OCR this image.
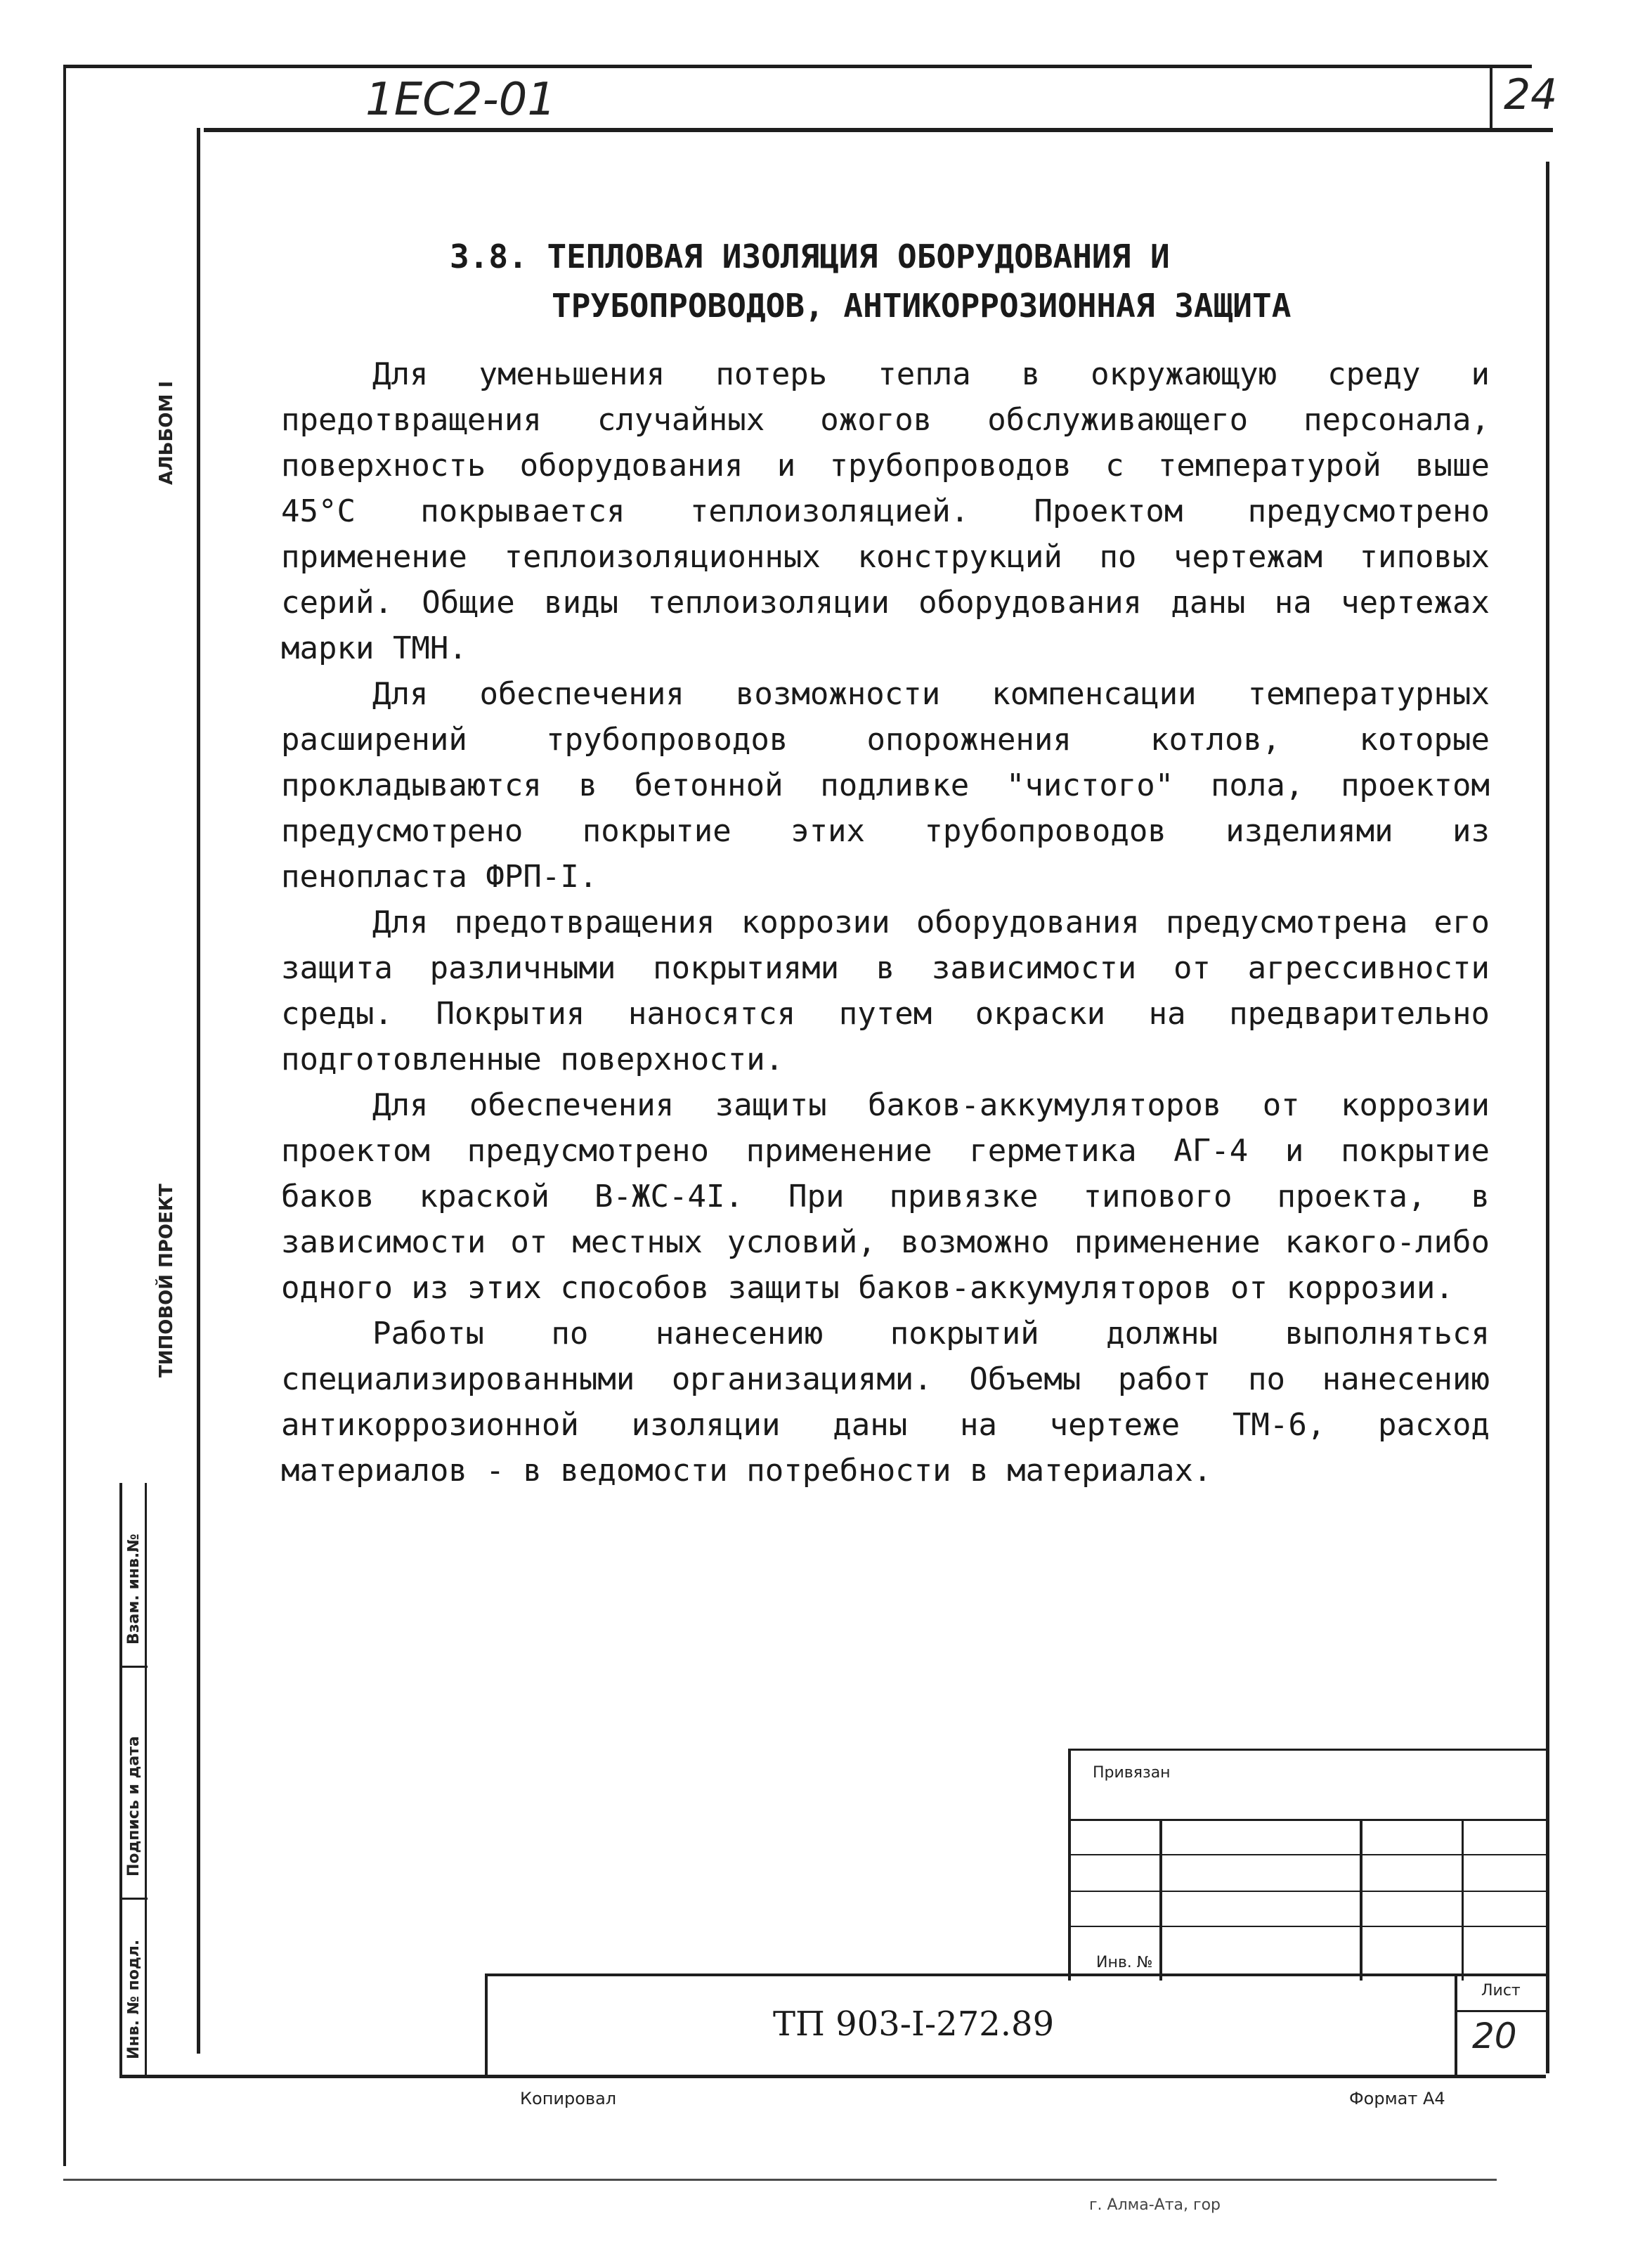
1ЕС2-01	24
АЛЬБОМ I
ТИПОВОЙ ПРОЕКТ
Взам. инв.№
Подпись и дата
Инв. № подл.
3.8. ТЕПЛОВАЯ ИЗОЛЯЦИЯ ОБОРУДОВАНИЯ И
ТРУБОПРОВОДОВ, АНТИКОРРОЗИОННАЯ ЗАЩИТА

Для уменьшения потерь тепла в окружающую среду и предотвращения случайных ожогов обслуживающего персонала, поверхность оборудования и трубопроводов с температурой выше 45°С покрывается теплоизоляцией. Проектом предусмотрено применение теплоизоляционных конструкций по чертежам типовых серий. Общие виды теплоизоляции оборудования даны на чертежах марки ТМН.

Для обеспечения возможности компенсации температурных расширений трубопроводов опорожнения котлов, которые прокладываются в бетонной подливке "чистого" пола, проектом предусмотрено покрытие этих трубопроводов изделиями из пенопласта ФРП-I.

Для предотвращения коррозии оборудования предусмотрена его защита различными покрытиями в зависимости от агрессивности среды. Покрытия наносятся путем окраски на предварительно подготовленные поверхности.

Для обеспечения защиты баков-аккумуляторов от коррозии проектом предусмотрено применение герметика АГ-4 и покрытие баков краской В-ЖС-4I. При привязке типового проекта, в зависимости от местных условий, возможно применение какого-либо одного из этих способов защиты баков-аккумуляторов от коррозии.

Работы по нанесению покрытий должны выполняться специализированными организациями. Объемы работ по нанесению антикоррозионной изоляции даны на чертеже ТМ-6, расход материалов - в ведомости потребности в материалах.

Привязан
Инв. №
ТП 903-I-272.89
Лист
20
Копировал	Формат А4
г. Алма-Ата, гор
